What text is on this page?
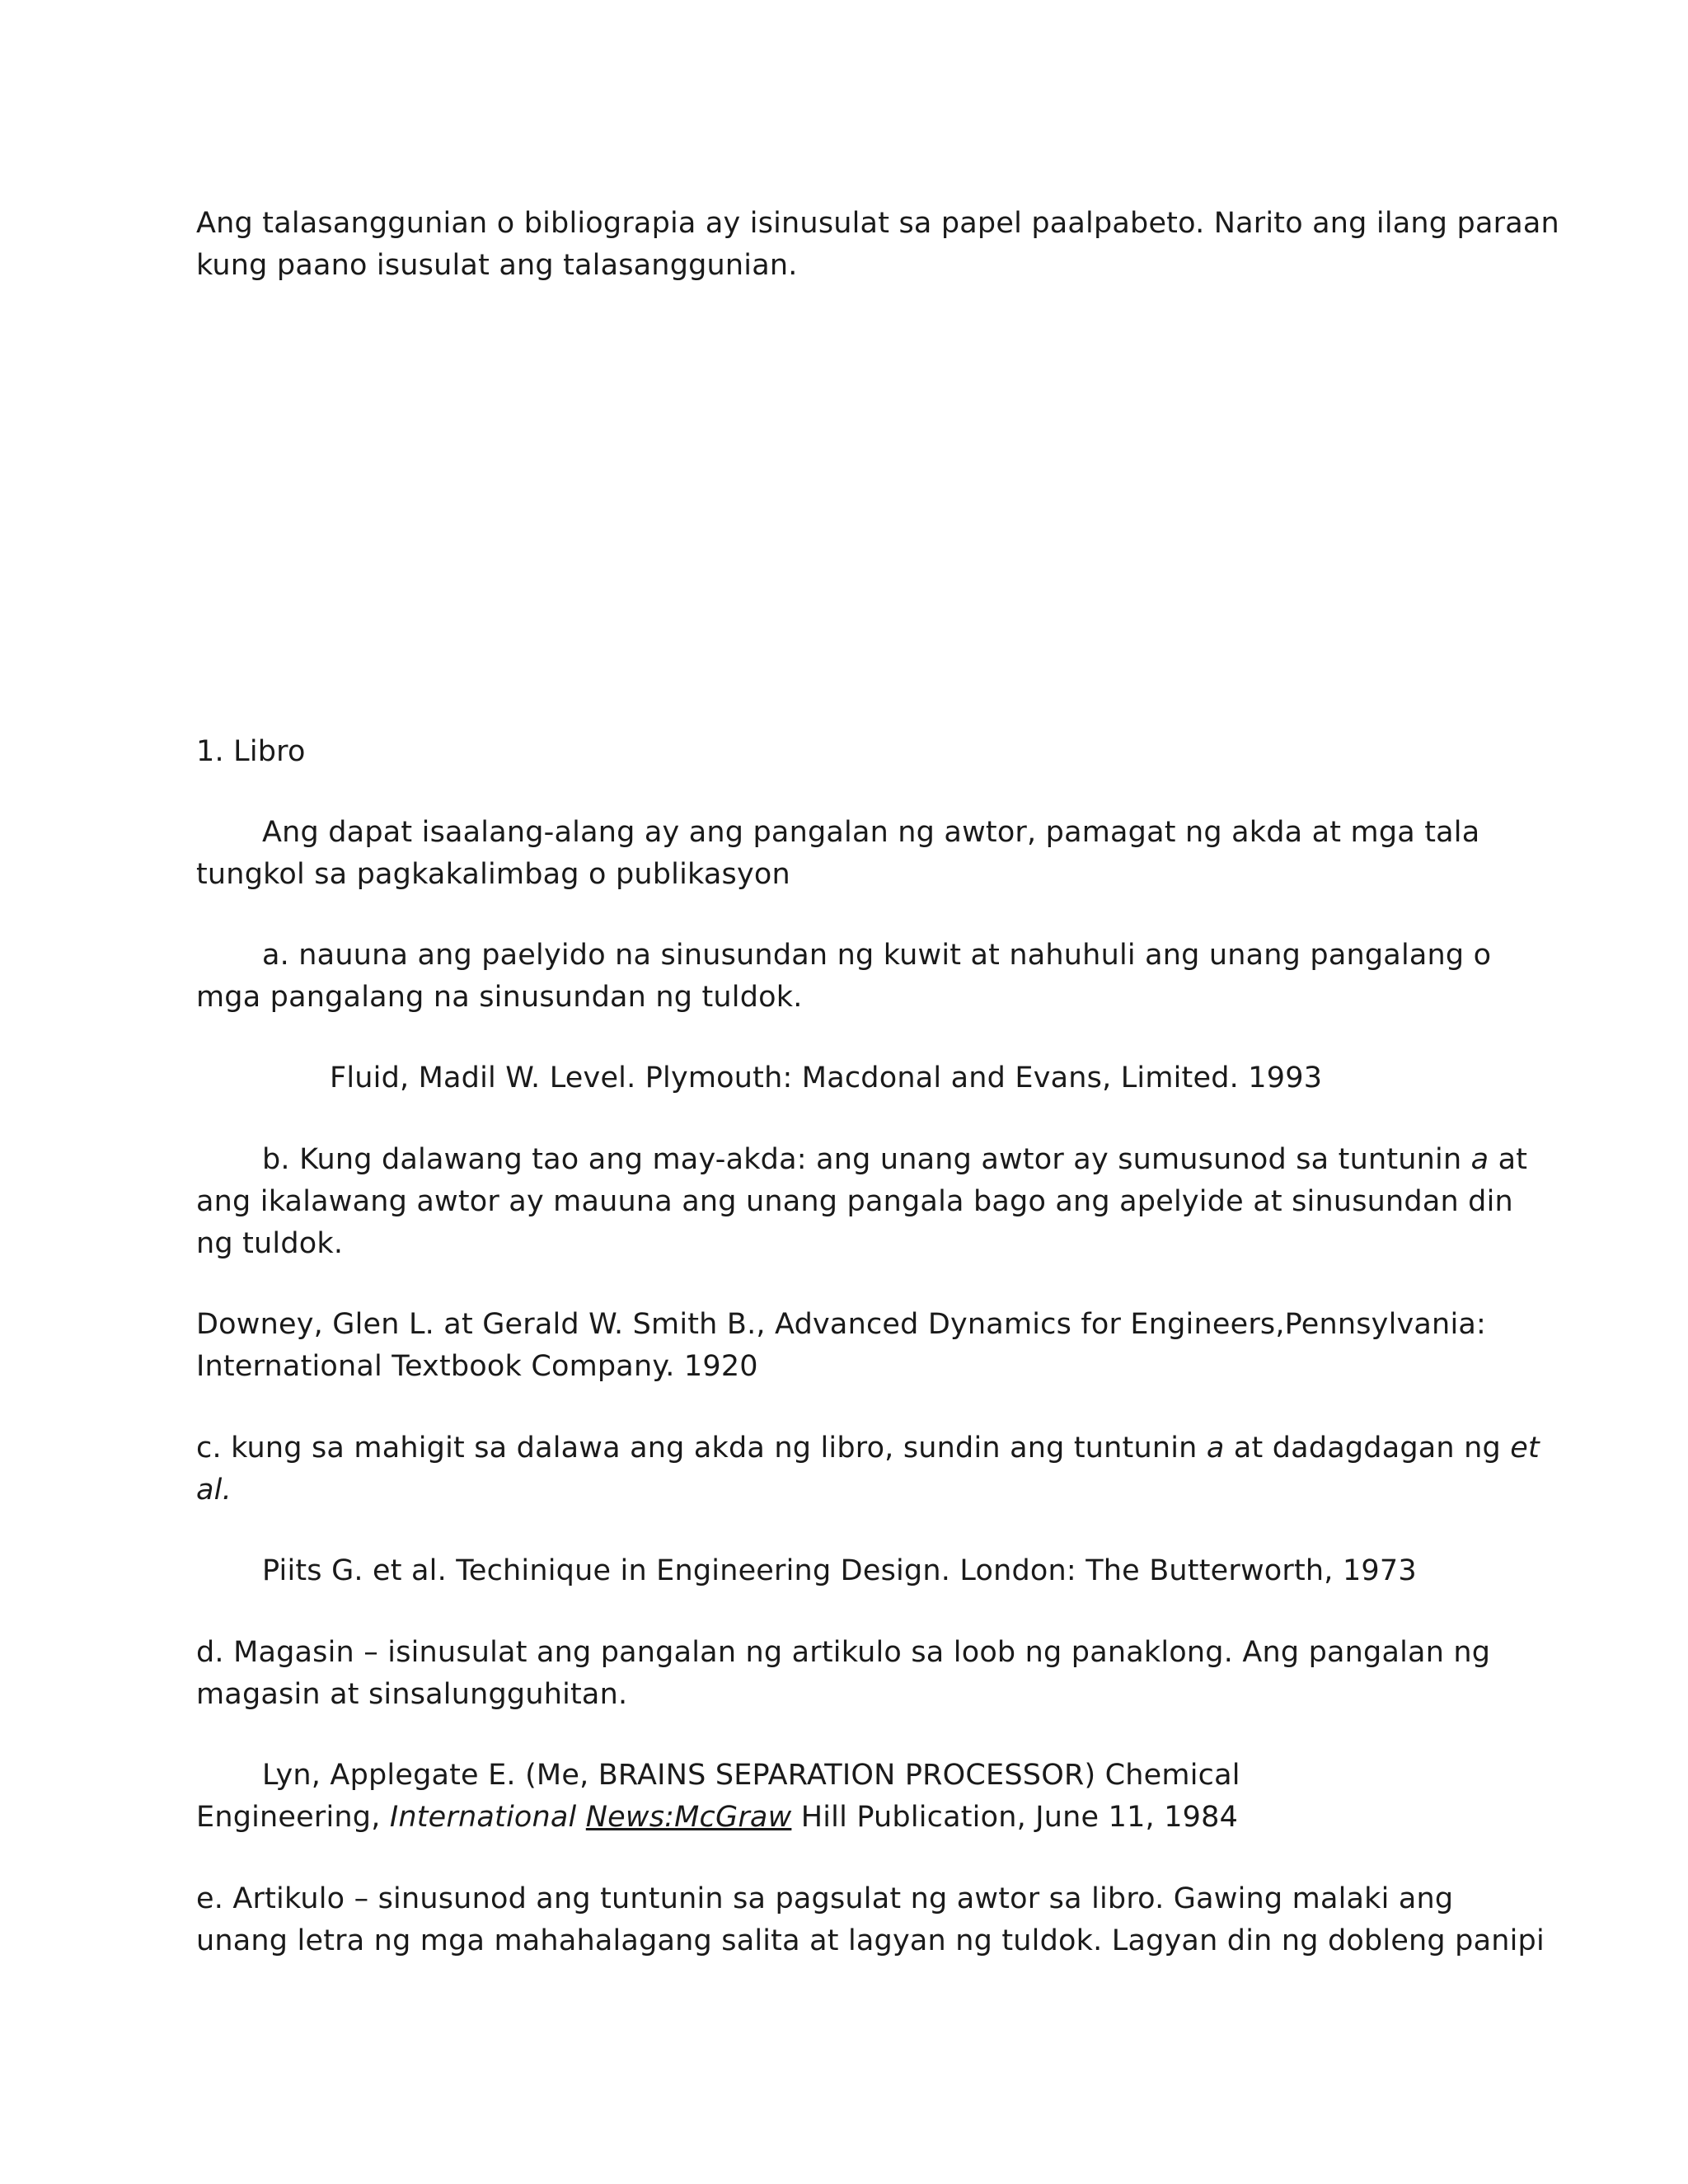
Ang talasanggunian o bibliograpia ay isinusulat sa papel paalpabeto. Narito ang ilang paraan
kung paano isusulat ang talasanggunian.
1. Libro
Ang dapat isaalang-alang ay ang pangalan ng awtor, pamagat ng akda at mga tala
tungkol sa pagkakalimbag o publikasyon
a. nauuna ang paelyido na sinusundan ng kuwit at nahuhuli ang unang pangalang o
mga pangalang na sinusundan ng tuldok.
Fluid, Madil W. Level. Plymouth: Macdonal and Evans, Limited. 1993
b. Kung dalawang tao ang may-akda: ang unang awtor ay sumusunod sa tuntunin a at
ang ikalawang awtor ay mauuna ang unang pangala bago ang apelyide at sinusundan din
ng tuldok.
Downey, Glen L. at Gerald W. Smith B., Advanced Dynamics for Engineers,Pennsylvania:
International Textbook Company. 1920
c. kung sa mahigit sa dalawa ang akda ng libro, sundin ang tuntunin a at dadagdagan ng et
al.
Piits G. et al. Techinique in Engineering Design. London: The Butterworth, 1973
d. Magasin – isinusulat ang pangalan ng artikulo sa loob ng panaklong. Ang pangalan ng
magasin at sinsalungguhitan.
Lyn, Applegate E. (Me, BRAINS SEPARATION PROCESSOR) Chemical
Engineering, International News:McGraw Hill Publication, June 11, 1984
e. Artikulo – sinusunod ang tuntunin sa pagsulat ng awtor sa libro. Gawing malaki ang
unang letra ng mga mahahalagang salita at lagyan ng tuldok. Lagyan din ng dobleng panipi
